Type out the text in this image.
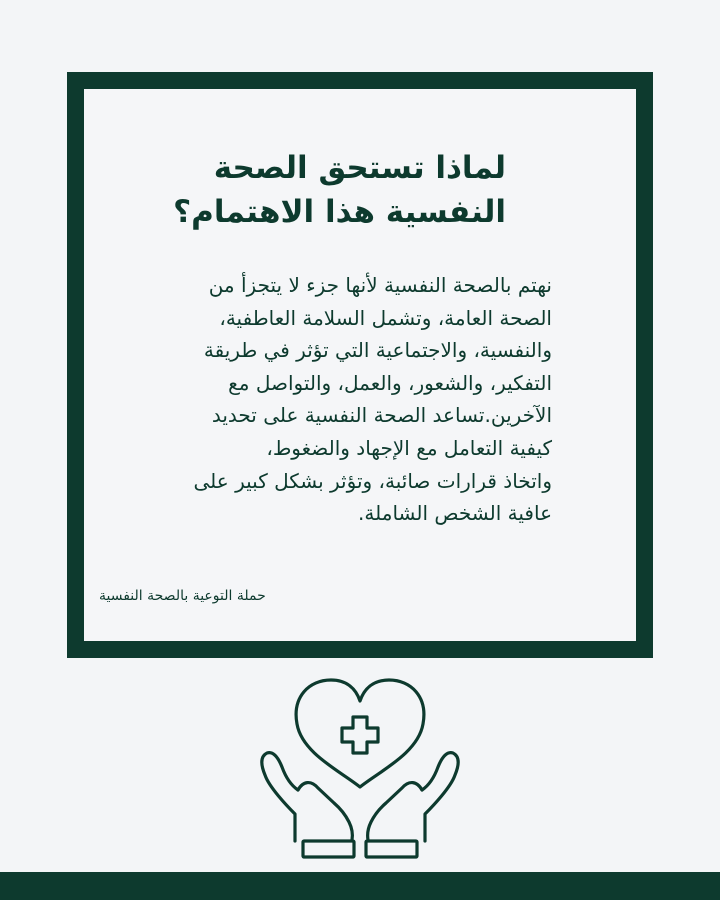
لماذا تستحق الصحة
النفسية هذا الاهتمام؟
نهتم بالصحة النفسية لأنها جزء لا يتجزأ من
الصحة العامة، وتشمل السلامة العاطفية،
والنفسية، والاجتماعية التي تؤثر في طريقة
التفكير، والشعور، والعمل، والتواصل مع
الآخرين.تساعد الصحة النفسية على تحديد
كيفية التعامل مع الإجهاد والضغوط،
واتخاذ قرارات صائبة، وتؤثر بشكل كبير على
عافية الشخص الشاملة.
حملة التوعية بالصحة النفسية
